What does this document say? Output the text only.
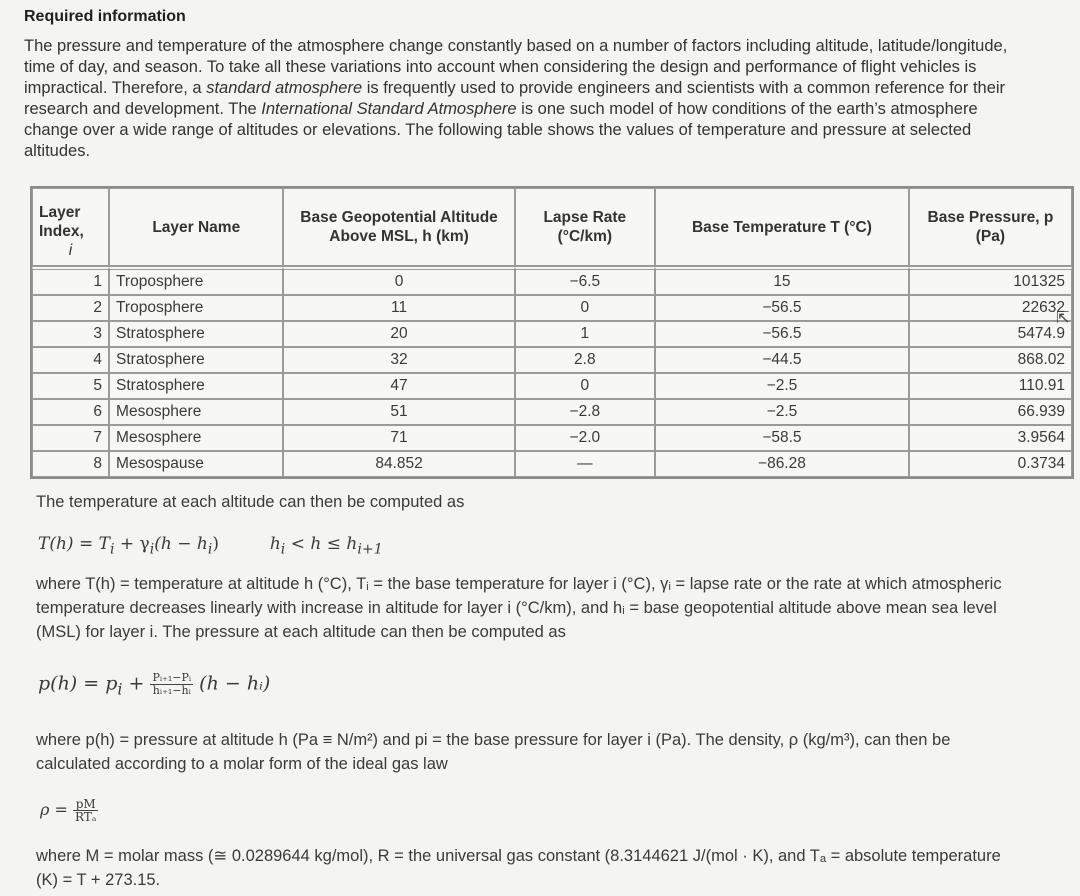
Required information
The pressure and temperature of the atmosphere change constantly based on a number of factors including altitude, latitude/longitude, time of day, and season. To take all these variations into account when considering the design and performance of flight vehicles is impractical. Therefore, a standard atmosphere is frequently used to provide engineers and scientists with a common reference for their research and development. The International Standard Atmosphere is one such model of how conditions of the earth’s atmosphere change over a wide range of altitudes or elevations. The following table shows the values of temperature and pressure at selected altitudes.
Layer Index,

i	Layer Name	Base Geopotential Altitude Above MSL, h (km)	Lapse Rate (°C/km)	Base Temperature T (°C)	Base Pressure, p (Pa)
1	Troposphere	0	−6.5	15	101325
2	Troposphere	11	0	−56.5	22632
3	Stratosphere	20	1	−56.5	5474.9
4	Stratosphere	32	2.8	−44.5	868.02
5	Stratosphere	47	0	−2.5	110.91
6	Mesosphere	51	−2.8	−2.5	66.939
7	Mesosphere	71	−2.0	−58.5	3.9564
8	Mesospause	84.852	—	−86.28	0.3734
⇱
The temperature at each altitude can then be computed as
$T(h) = T_i + \gamma_i(h - h_i)$	$h_i < h \le h_{i+1}$
where T(h) = temperature at altitude h (°C), Tᵢ = the base temperature for layer i (°C), γᵢ = lapse rate or the rate at which atmospheric temperature decreases linearly with increase in altitude for layer i (°C/km), and hᵢ = base geopotential altitude above mean sea level (MSL) for layer i. The pressure at each altitude can then be computed as
$p(h) = p_i + \frac{\text{Pᵢ₊₁−Pᵢ}}{\text{hᵢ₊₁−hᵢ}} (h$ − hᵢ)
where p(h) = pressure at altitude h (Pa ≡ N/m²) and pi = the base pressure for layer i (Pa). The density, ρ (kg/m³), can then be calculated according to a molar form of the ideal gas law
$\rho = \frac{pM}{\text{RTₐ}}$
where M = molar mass (≅ 0.0289644 kg/mol), R = the universal gas constant (8.3144621 J/(mol · K), and Tₐ = absolute temperature (K) = T + 273.15.
